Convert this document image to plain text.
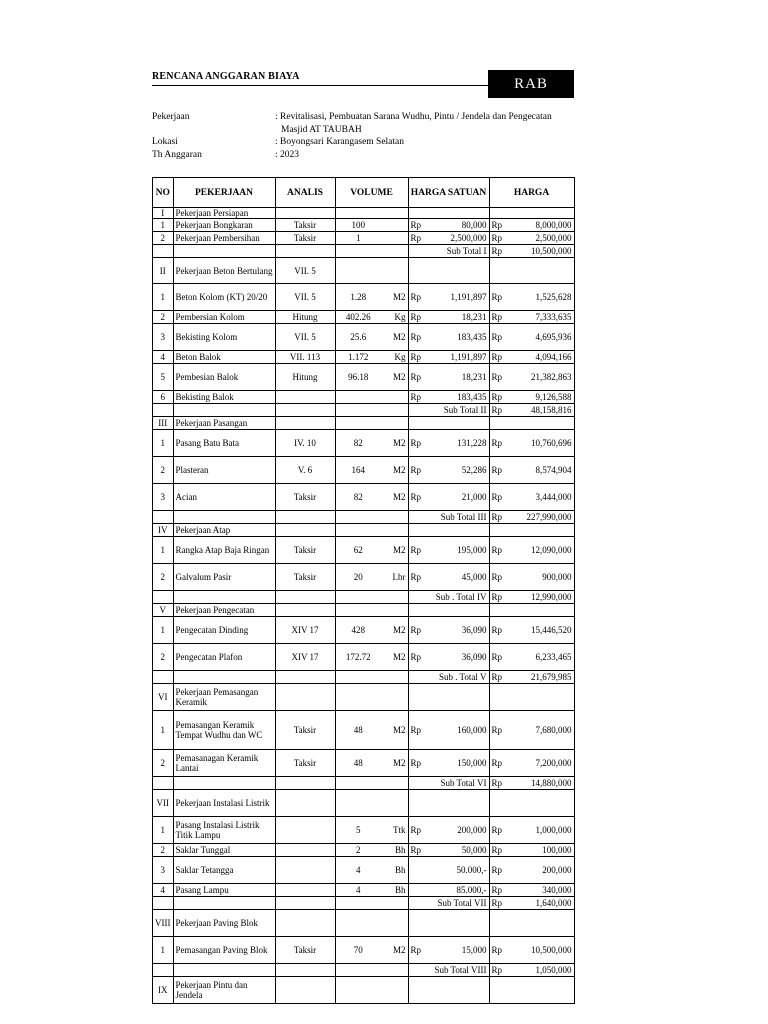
RENCANA ANGGARAN BIAYA	RAB
Pekerjaan	: Revitalisasi, Pembuatan Sarana Wudhu, Pintu / Jendela dan Pengecatan
Masjid AT TAUBAH
Lokasi	: Boyongsari Karangasem Selatan
Th Anggaran	: 2023
NO	PEKERJAAN	ANALIS	VOLUME		HARGA SATUAN		HARGA	
I	Pekerjaan Persiapan							
1	Pekerjaan Bongkaran	Taksir	100		Rp	80,000	Rp	8,000,000
2	Pekerjaan Pembersihan	Taksir	1		Rp	2,500,000	Rp	2,500,000
						Sub Total I	Rp	10,500,000
II	Pekerjaan Beton Bertulang	VII. 5						
1	Beton Kolom (KT) 20/20	VII. 5	1.28	M2	Rp	1,191,897	Rp	1,525,628
2	Pembersian Kolom	Hitung	402.26	Kg	Rp	18,231	Rp	7,333,635
3	Bekisting Kolom	VII. 5	25.6	M2	Rp	183,435	Rp	4,695,936
4	Beton Balok	VII. 113	1.172	Kg	Rp	1,191,897	Rp	4,094,166
5	Pembesian Balok	Hitung	96.18	M2	Rp	18,231	Rp	21,382,863
6	Bekisting Balok				Rp	183,435	Rp	9,126,588
						Sub Total II	Rp	48,158,816
III	Pekerjaan Pasangan							
1	Pasang Batu Bata	IV. 10	82	M2	Rp	131,228	Rp	10,760,696
2	Plasteran	V. 6	164	M2	Rp	52,286	Rp	8,574,904
3	Acian	Taksir	82	M2	Rp	21,000	Rp	3,444,000
						Sub Total III	Rp	227,990,000
IV	Pekerjaan Atap							
1	Rangka Atap Baja Ringan	Taksir	62	M2	Rp	195,000	Rp	12,090,000
2	Galvalum Pasir	Taksir	20	Lbr	Rp	45,000	Rp	900,000
						Sub . Total IV	Rp	12,990,000
V	Pekerjaan Pengecatan							
1	Pengecatan Dinding	XIV 17	428	M2	Rp	36,090	Rp	15,446,520
2	Pengecatan Plafon	XIV 17	172.72	M2	Rp	36,090	Rp	6,233,465
						Sub . Total V	Rp	21,679,985
VI	Pekerjaan Pemasangan Keramik							
1	Pemasangan Keramik Tempat Wudhu dan WC	Taksir	48	M2	Rp	160,000	Rp	7,680,000
2	Pemasanagan Keramik Lantai	Taksir	48	M2	Rp	150,000	Rp	7,200,000
						Sub Total VI	Rp	14,880,000
VII	Pekerjaan Instalasi Listrik							
1	Pasang Instalasi Listrik Titik Lampu		5	Ttk	Rp	200,000	Rp	1,000,000
2	Saklar Tunggal		2	Bh	Rp	50,000	Rp	100,000
3	Saklar Tetangga		4	Bh		50.000,-	Rp	200,000
4	Pasang Lampu		4	Bh		85.000,-	Rp	340,000
						Sub Total VII	Rp	1,640,000
VIII	Pekerjaan Paving Blok							
1	Pemasangan Paving Blok	Taksir	70	M2	Rp	15,000	Rp	10,500,000
						Sub Total VIII	Rp	1,050,000
IX	Pekerjaan Pintu dan Jendela							
